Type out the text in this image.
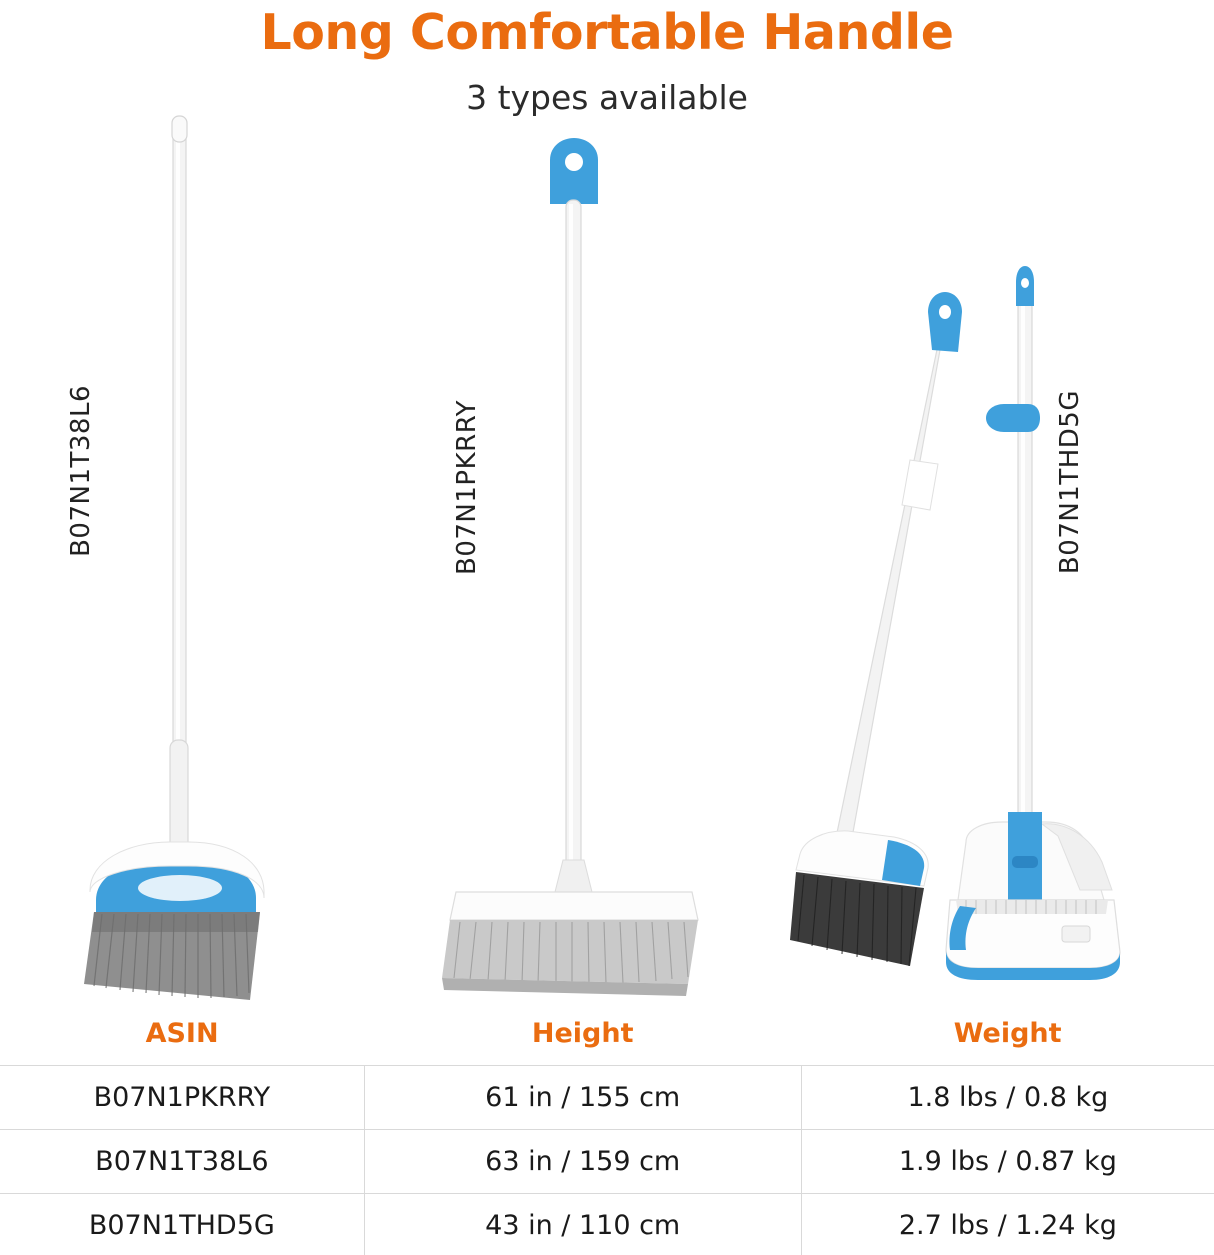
Long Comfortable Handle
3 types available
B07N1T38L6	B07N1PKRRY	B07N1THD5G
ASIN	Height	Weight
B07N1PKRRY	61 in / 155 cm	1.8 lbs / 0.8 kg
B07N1T38L6	63 in / 159 cm	1.9 lbs / 0.87 kg
B07N1THD5G	43 in / 110 cm	2.7 lbs / 1.24 kg
